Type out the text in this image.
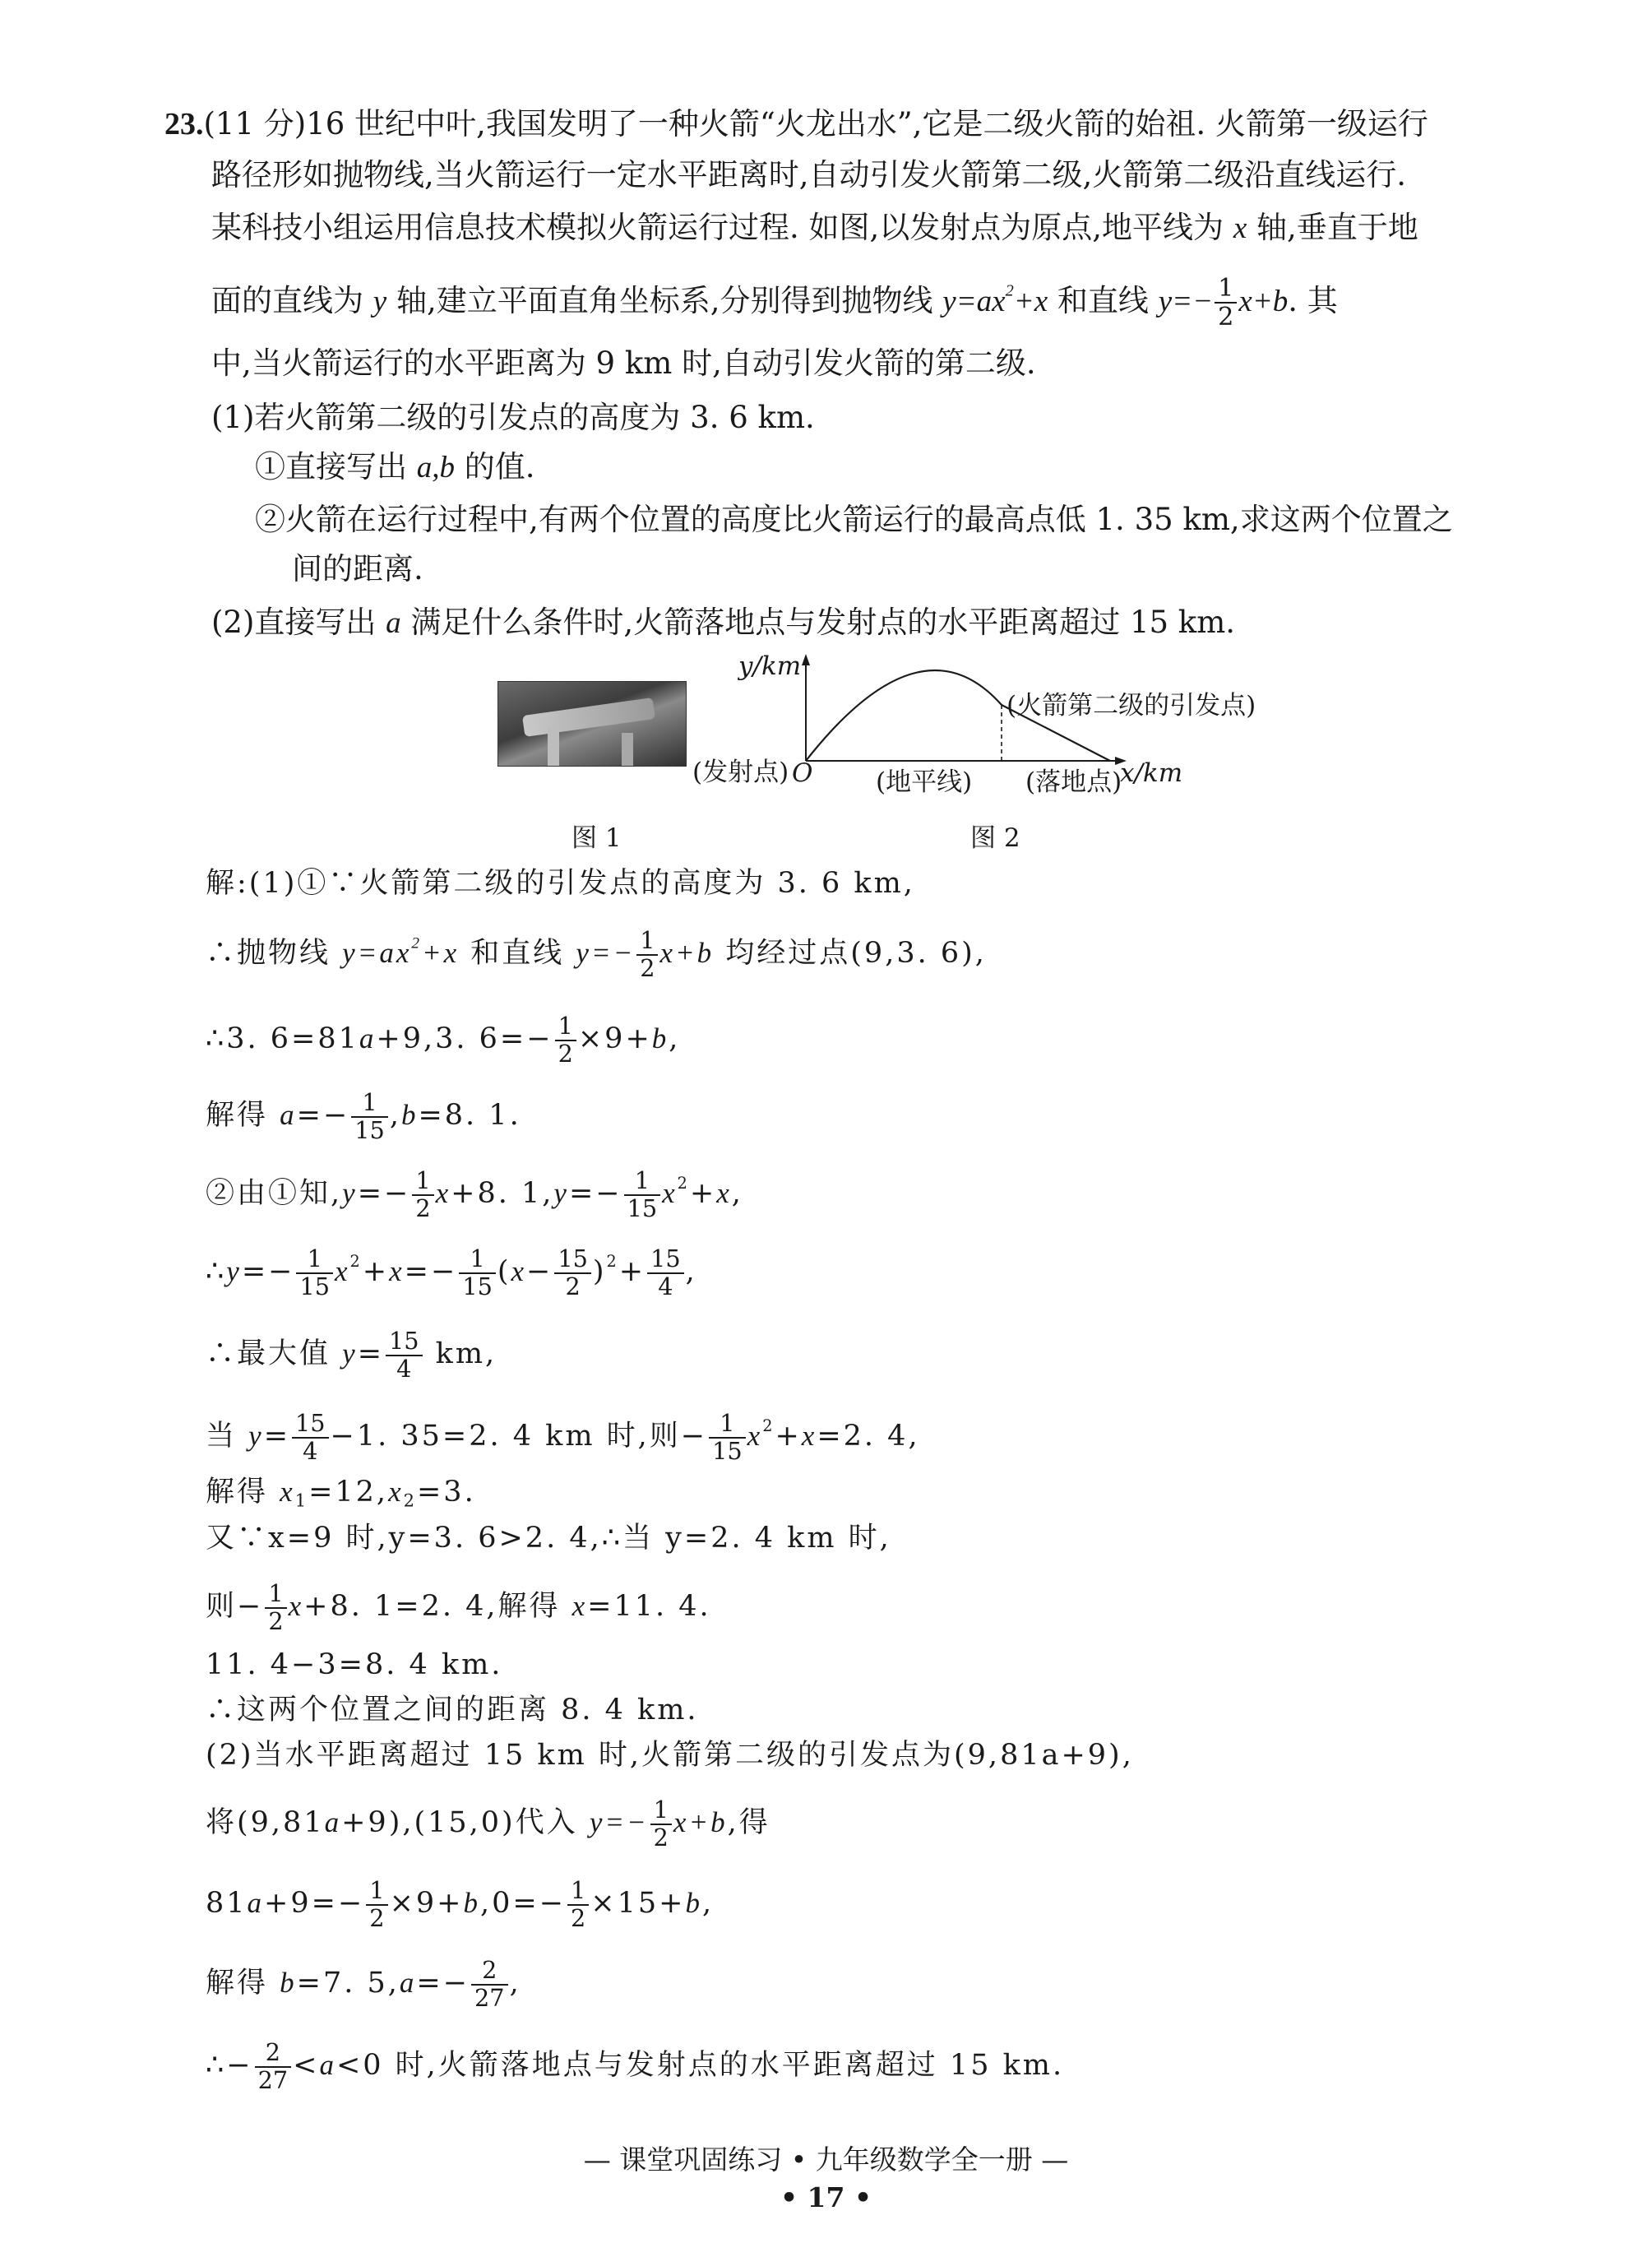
23.(11 分)16 世纪中叶,我国发明了一种火箭“火龙出水”,它是二级火箭的始祖. 火箭第一级运行
路径形如抛物线,当火箭运行一定水平距离时,自动引发火箭第二级,火箭第二级沿直线运行.
某科技小组运用信息技术模拟火箭运行过程. 如图,以发射点为原点,地平线为 x 轴,垂直于地
面的直线为 y 轴,建立平面直角坐标系,分别得到抛物线 $y=ax^2+x$ 和直线 $y=- \frac{1}{2} x+b$. 其
中,当火箭运行的水平距离为 9 km 时,自动引发火箭的第二级.
(1)若火箭第二级的引发点的高度为 3. 6 km.
①直接写出 a,b 的值.
②火箭在运行过程中,有两个位置的高度比火箭运行的最高点低 1. 35 km,求这两个位置之
间的距离.
(2)直接写出 a 满足什么条件时,火箭落地点与发射点的水平距离超过 15 km.
y/km
x/km
O
(发射点)	(地平线) (落地点)
(火箭第二级的引发点)
图 1	图 2
解:(1)①∵火箭第二级的引发点的高度为 3. 6 km,
∴抛物线 $y=ax^2+x$ 和直线 $y=- \frac{1}{2} x+b$ 均经过点(9,3. 6),
∴3. 6=81a+9,3. $6=- \frac{1}{2} \times 9+b$,
解得 $a=- \frac{1}{15} ,b=8$. 1.
②由①知$,y=- \frac{1}{2} x+8$. $1,y=- \frac{1}{15} x^2+x$,
∴y=− $\frac{1}{15} x^2+x=- \frac{1}{15} (x- \frac{15}{2} )^2+ \frac{15}{4}$ ,
∴最大值 $y= \frac{15}{4}$ km,
当 $y= \frac{15}{4} -1$. 35=2. 4 km 时,则− $\frac{1}{15} x^2+x=2$. 4,
解得 $x_1=12,x_2=3$.
又∵x=9 时,y=3. 6>2. 4,∴当 y=2. 4 km 时,
则− $\frac{1}{2} x+8$. 1=2. 4,解得 x=11. 4.
11. 4−3=8. 4 km.
∴这两个位置之间的距离 8. 4 km.
(2)当水平距离超过 15 km 时,火箭第二级的引发点为(9,81a+9),
将(9,81a+9),(15,0)代入 $y=- \frac{1}{2} x+b$,得
$81a+9=- \frac{1}{2} \times 9+b,0=- \frac{1}{2} \times 15+b$,
解得 b=7. $5,a=- \frac{2}{27}$ ,
∴− $\frac{2}{27} <a<0$ 时,火箭落地点与发射点的水平距离超过 15 km.
— 课堂巩固练习 • 九年级数学全一册 —
• 17 •
